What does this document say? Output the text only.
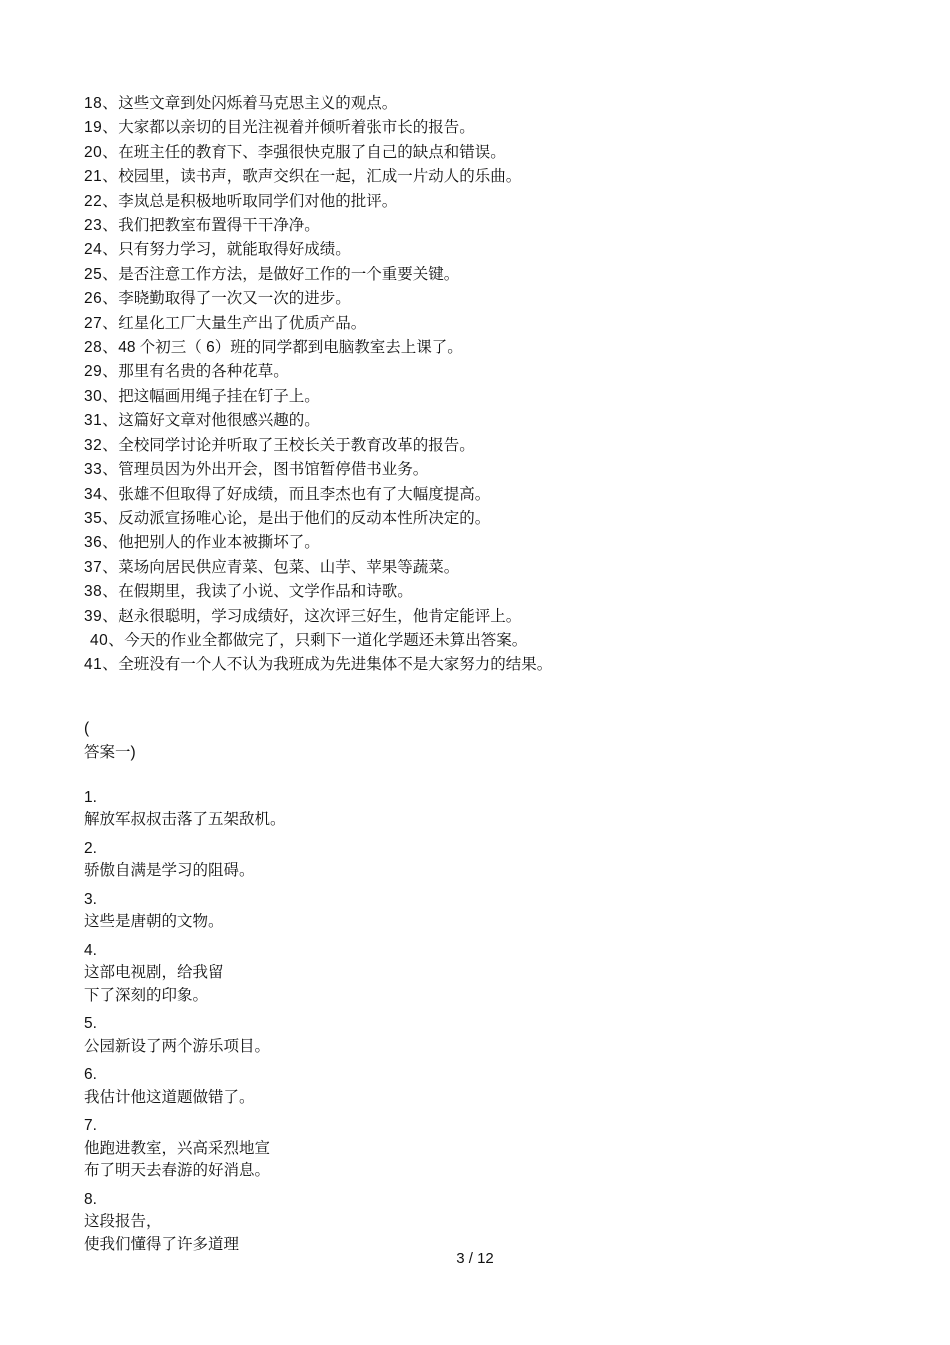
18、这些文章到处闪烁着马克思主义的观点。
19、大家都以亲切的目光注视着并倾听着张市长的报告。
20、在班主任的教育下、李强很快克服了自己的缺点和错误。
21、校园里，读书声，歌声交织在一起，汇成一片动人的乐曲。
22、李岚总是积极地听取同学们对他的批评。
23、我们把教室布置得干干净净。
24、只有努力学习，就能取得好成绩。
25、是否注意工作方法，是做好工作的一个重要关键。
26、李晓勤取得了一次又一次的进步。
27、红星化工厂大量生产出了优质产品。
28、48 个初三（ 6）班的同学都到电脑教室去上课了。
29、那里有名贵的各种花草。
30、把这幅画用绳子挂在钉子上。
31、这篇好文章对他很感兴趣的。
32、全校同学讨论并听取了王校长关于教育改革的报告。
33、管理员因为外出开会，图书馆暂停借书业务。
34、张雄不但取得了好成绩，而且李杰也有了大幅度提高。
35、反动派宣扬唯心论，是出于他们的反动本性所决定的。
36、他把别人的作业本被撕坏了。
37、菜场向居民供应青菜、包菜、山芋、苹果等蔬菜。
38、在假期里，我读了小说、文学作品和诗歌。
39、赵永很聪明，学习成绩好，这次评三好生，他肯定能评上。
40、今天的作业全都做完了，只剩下一道化学题还未算出答案。
41、全班没有一个人不认为我班成为先进集体不是大家努力的结果。
(
答案一)
1.
解放军叔叔击落了五架敌机。
2.
骄傲自满是学习的阻碍。
3.
这些是唐朝的文物。
4.
这部电视剧，给我留
下了深刻的印象。
5.
公园新设了两个游乐项目。
6.
我估计他这道题做错了。
7.
他跑进教室，兴高采烈地宣
布了明天去春游的好消息。
8.
这段报告，
使我们懂得了许多道理
3 / 12
